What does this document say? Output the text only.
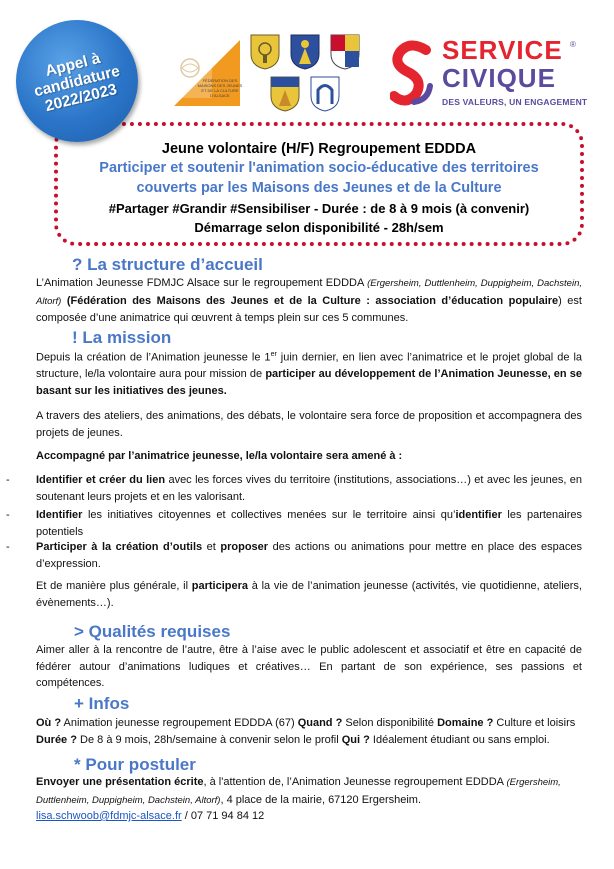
Appel à
candidature
2022/2023	FÉDÉRATION DES
MAISONS DES JEUNES
ET DE LA CULTURE
D'ALSACE
SERVICE
CIVIQUE
®
DES VALEURS, UN ENGAGEMENT
Jeune volontaire (H/F) Regroupement EDDDA
Participer et soutenir l'animation socio-éducative des territoires
couverts par les Maisons des Jeunes et de la Culture
#Partager #Grandir #Sensibiliser - Durée : de 8 à 9 mois (à convenir)
Démarrage selon disponibilité - 28h/sem
? La structure d’accueil
L’Animation Jeunesse FDMJC Alsace sur le regroupement EDDDA (Ergersheim, Duttlenheim, Duppigheim, Dachstein, Altorf) (Fédération des Maisons des Jeunes et de la Culture : association d’éducation populaire) est composée d’une animatrice qui œuvrent à temps plein sur ces 5 communes.
! La mission
Depuis la création de l’Animation jeunesse le 1er juin dernier, en lien avec l’animatrice et le projet global de la structure, le/la volontaire aura pour mission de participer au développement de l’Animation Jeunesse, en se basant sur les initiatives des jeunes.
A travers des ateliers, des animations, des débats, le volontaire sera force de proposition et accompagnera des projets de jeunes.
Accompagné par l’animatrice jeunesse, le/la volontaire sera amené à :
- Identifier et créer du lien avec les forces vives du territoire (institutions, associations…) et avec les jeunes, en soutenant leurs projets et en les valorisant.
- Identifier les initiatives citoyennes et collectives menées sur le territoire ainsi qu’identifier les partenaires potentiels
- Participer à la création d’outils et proposer des actions ou animations pour mettre en place des espaces d’expression.
Et de manière plus générale, il participera à la vie de l’animation jeunesse (activités, vie quotidienne, ateliers, évènements…).
> Qualités requises
Aimer aller à la rencontre de l’autre, être à l’aise avec le public adolescent et associatif et être en capacité de fédérer autour d’animations ludiques et créatives… En partant de son expérience, ses passions et compétences.
+ Infos
Où ? Animation jeunesse regroupement EDDDA (67) Quand ? Selon disponibilité Domaine ? Culture et loisirs
Durée ? De 8 à 9 mois, 28h/semaine à convenir selon le profil Qui ? Idéalement étudiant ou sans emploi.
* Pour postuler
Envoyer une présentation écrite, à l'attention de, l’Animation Jeunesse regroupement EDDDA (Ergersheim, Duttlenheim, Duppigheim, Dachstein, Altorf), 4 place de la mairie, 67120 Ergersheim.
lisa.schwoob@fdmjc-alsace.fr / 07 71 94 84 12
